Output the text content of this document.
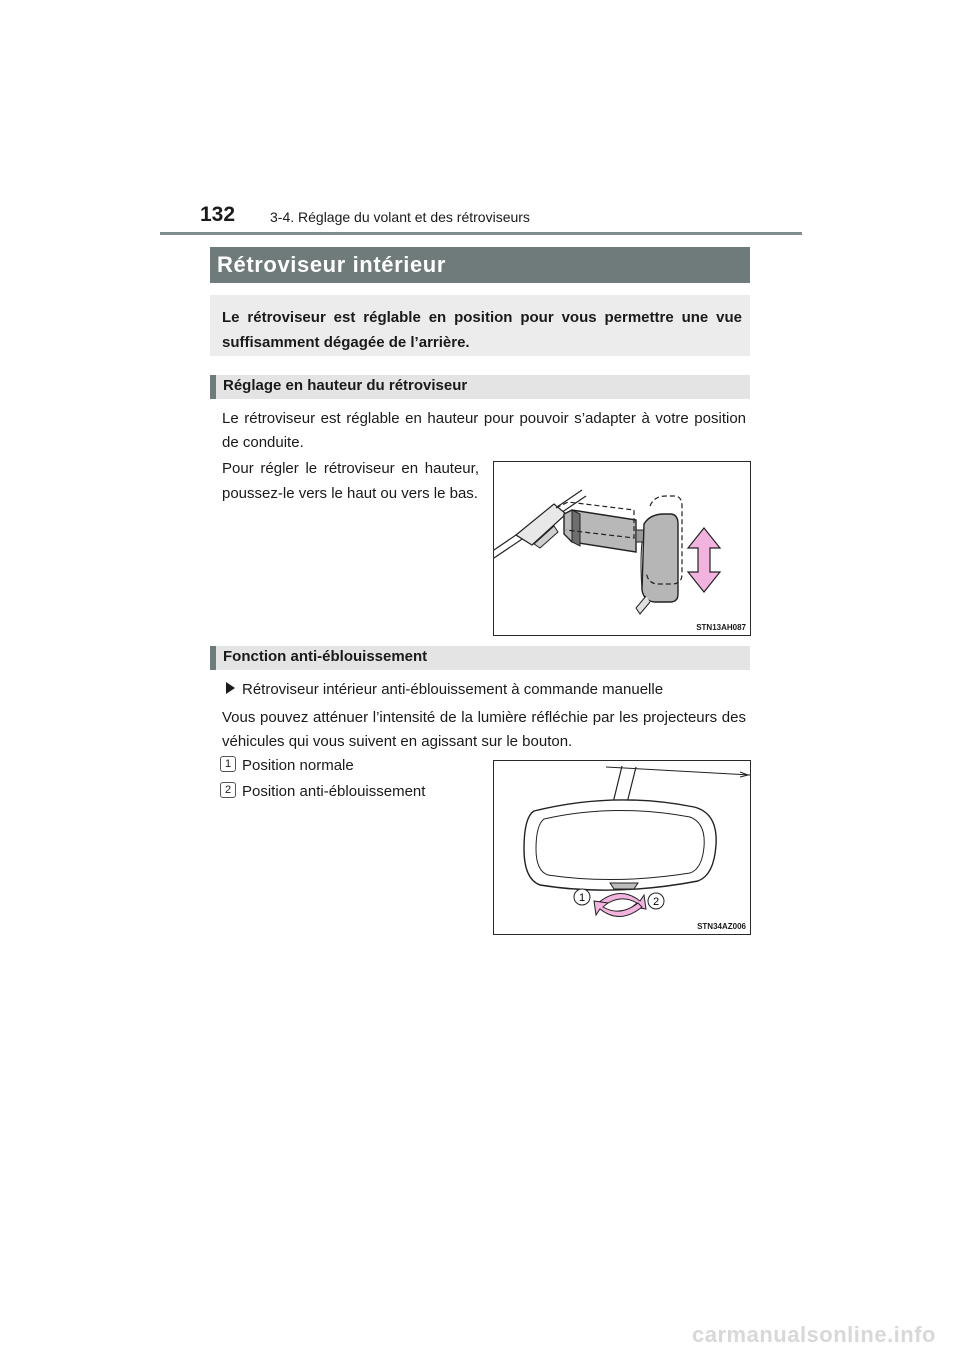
132 3-4. Réglage du volant et des rétroviseurs
Rétroviseur intérieur
Le rétroviseur est réglable en position pour vous permettre une vue suffisamment dégagée de l’arrière.
Réglage en hauteur du rétroviseur
Le rétroviseur est réglable en hauteur pour pouvoir s’adapter à votre position de conduite.
Pour régler le rétroviseur en hauteur, poussez-le vers le haut ou vers le bas.
STN13AH087
Fonction anti-éblouissement
Rétroviseur intérieur anti-éblouissement à commande manuelle
Vous pouvez atténuer l’intensité de la lumière réfléchie par les projecteurs des véhicules qui vous suivent en agissant sur le bouton.
1 Position normale
2 Position anti-éblouissement
1	2
STN34AZ006
carmanualsonline.info
